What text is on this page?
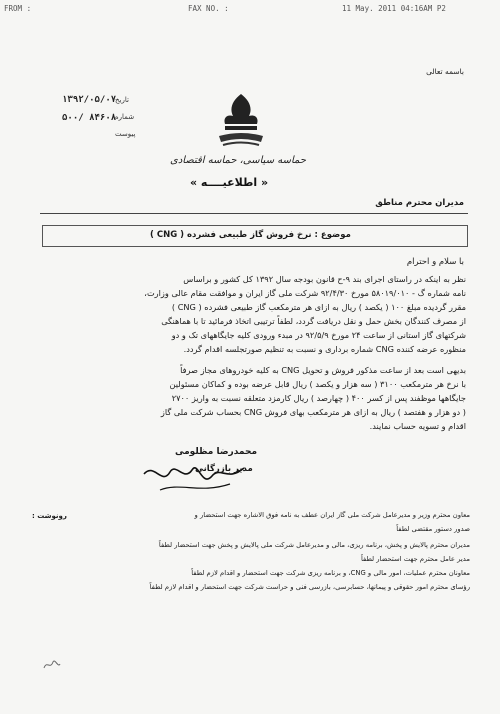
FROM :	FAX NO. :	11 May. 2011 04:16AM P2
باسمه تعالی
۱۳۹۲/۰۵/۰۷
تاریخ
۵۰۰/ ۸۴۶۰۸
شماره
پیوست
حماسه سیاسی، حماسه اقتصادی
« اطلاعیــــه »
مدیران محترم مناطق
موضوع : نرخ فروش گاز طبیعی فشرده ( CNG )
با سلام و احترام
نظر به اینکه در راستای اجرای بند ۹-ح قانون بودجه سال ۱۳۹۲ کل کشور و براساس
نامه شماره گ - ۵۸۰۱۹/۰۱۰ مورخ ۹۲/۴/۳۰ شرکت ملی گاز ایران و موافقت مقام عالی وزارت،
مقرر گردیده مبلغ ۱۰۰ ( یکصد ) ریال به ازای هر مترمکعب گاز طبیعی فشرده ( CNG )
از مصرف کنندگان بخش حمل و نقل دریافت گردد، لطفاً ترتیبی اتخاذ فرمائید تا با هماهنگی
شرکتهای گاز استانی از ساعت ۲۴ مورخ ۹۲/۵/۹ در مبدء ورودی کلیه جایگاههای تک و دو
منظوره عرضه کننده CNG شماره برداری و نسبت به تنظیم صورتجلسه اقدام گردد.
بدیهی است بعد از ساعت مذکور فروش و تحویل CNG به کلیه خودروهای مجاز صرفاً
با نرخ هر مترمکعب ۳۱۰۰ ( سه هزار و یکصد ) ریال قابل عرضه بوده و کماکان مسئولین
جایگاهها موظفند پس از کسر ۴۰۰ ( چهارصد ) ریال کارمزد متعلقه نسبت به واریز ۲۷۰۰
( دو هزار و هفتصد ) ریال به ازای هر مترمکعب بهای فروش CNG بحساب شرکت ملی گاز
اقدام و تسویه حساب نمایند.
محمدرضا مظلومی
مدیر بازرگانی
رونوشت :	معاون محترم وزیر و مدیرعامل شرکت ملی گاز ایران عطف به نامه فوق الاشاره جهت استحضار و
صدور دستور مقتضی لطفاً
مدیران محترم پالایش و پخش، برنامه ریزی، مالی و مدیرعامل شرکت ملی پالایش و پخش جهت استحضار لطفاً
مدیر عامل محترم جهت استحضار لطفاً
معاونان محترم عملیات، امور مالی و CNG، و برنامه ریزی شرکت جهت استحضار و اقدام لازم لطفاً
رؤسای محترم امور حقوقی و پیمانها، حسابرسی، بازرسی فنی و حراست شرکت جهت استحضار و اقدام لازم لطفاً
